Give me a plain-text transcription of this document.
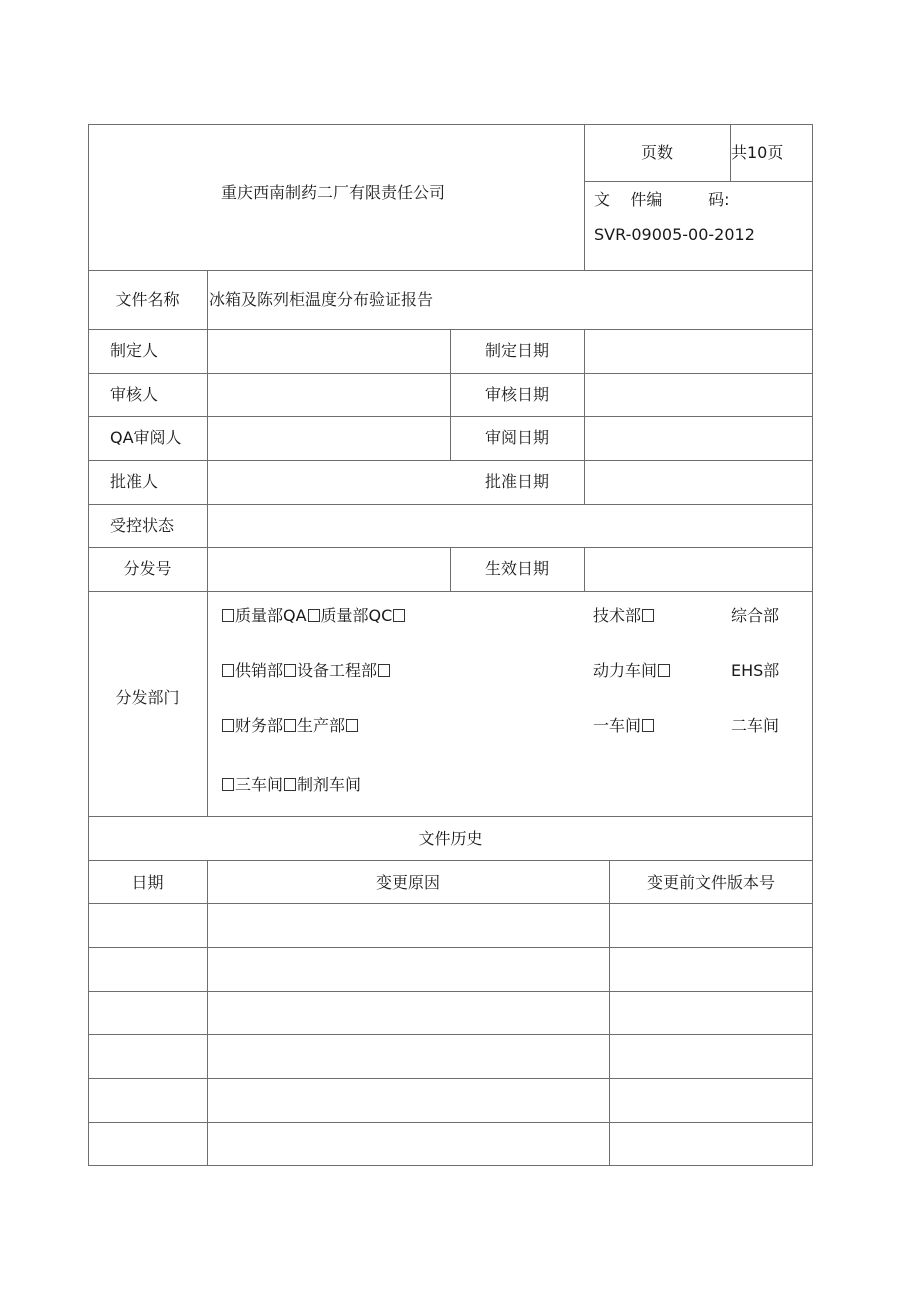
重庆西南制药二厂有限责任公司
页数	共10页
文    件编         码:
SVR-09005-00-2012
文件名称	冰箱及陈列柜温度分布验证报告
制定人	制定日期
审核人	审核日期
QA审阅人	审阅日期
批准人	批准日期
受控状态
分发号	生效日期
分发部门
质量部QA 质量部QC	技术部	综合部
供销部 设备工程部	动力车间	EHS部
财务部 生产部	一车间	二车间
三车间 制剂车间
文件历史
日期	变更原因	变更前文件版本号
